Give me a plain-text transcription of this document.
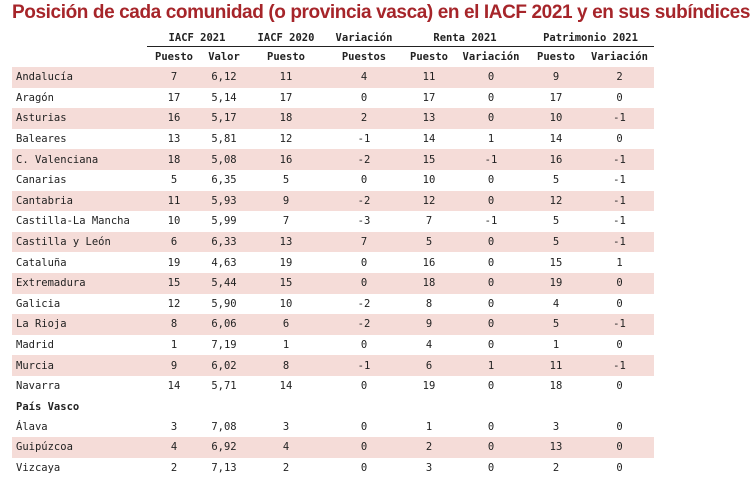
Posición de cada comunidad (o provincia vasca) en el IACF 2021 y en sus subíndices
	IACF 2021		IACF 2020	Variación	Renta 2021		Patrimonio 2021	
	Puesto	Valor	Puesto	Puestos	Puesto	Variación	Puesto	Variación
Andalucía	7	6,12	11	4	11	0	9	2
Aragón	17	5,14	17	0	17	0	17	0
Asturias	16	5,17	18	2	13	0	10	-1
Baleares	13	5,81	12	-1	14	1	14	0
C. Valenciana	18	5,08	16	-2	15	-1	16	-1
Canarias	5	6,35	5	0	10	0	5	-1
Cantabria	11	5,93	9	-2	12	0	12	-1
Castilla-La Mancha	10	5,99	7	-3	7	-1	5	-1
Castilla y León	6	6,33	13	7	5	0	5	-1
Cataluña	19	4,63	19	0	16	0	15	1
Extremadura	15	5,44	15	0	18	0	19	0
Galicia	12	5,90	10	-2	8	0	4	0
La Rioja	8	6,06	6	-2	9	0	5	-1
Madrid	1	7,19	1	0	4	0	1	0
Murcia	9	6,02	8	-1	6	1	11	-1
Navarra	14	5,71	14	0	19	0	18	0
País Vasco								
Álava	3	7,08	3	0	1	0	3	0
Guipúzcoa	4	6,92	4	0	2	0	13	0
Vizcaya	2	7,13	2	0	3	0	2	0
